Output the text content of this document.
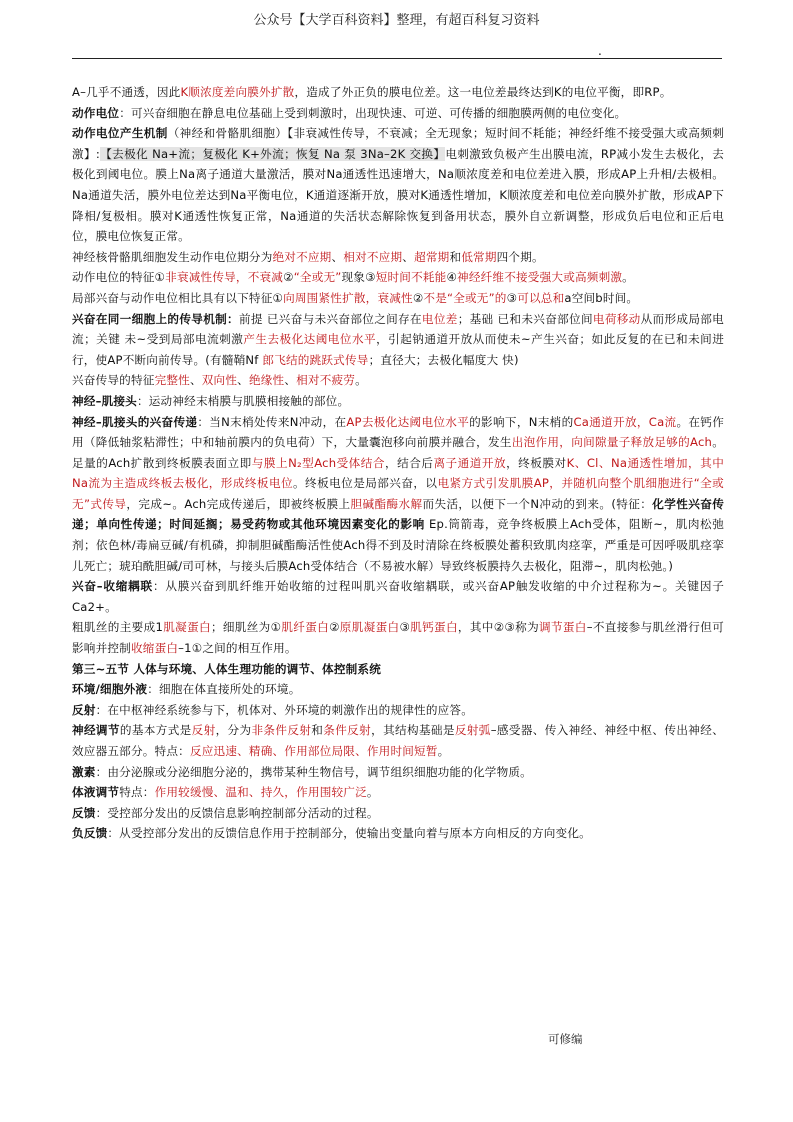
公众号【大学百科资料】整理，有超百科复习资料
.

A–几乎不通透，因此K顺浓度差向膜外扩散，造成了外正负的膜电位差。这一电位差最终达到K的电位平衡，即RP。

动作电位：可兴奋细胞在静息电位基础上受到刺激时，出现快速、可逆、可传播的细胞膜两侧的电位变化。

动作电位产生机制（神经和骨骼肌细胞）【非衰减性传导，不衰减；全无现象；短时间不耗能；神经纤维不接受强大或高频刺激】:【去极化 Na+流；复极化 K+外流；恢复 Na 泵 3Na–2K 交换】电刺激致负极产生出膜电流，RP减小发生去极化，去极化到阈电位。膜上Na离子通道大量激活，膜对Na通透性迅速增大，Na顺浓度差和电位差进入膜，形成AP上升相/去极相。Na通道失活，膜外电位差达到Na平衡电位，K通道逐渐开放，膜对K通透性增加，K顺浓度差和电位差向膜外扩散，形成AP下降相/复极相。膜对K通透性恢复正常，Na通道的失活状态解除恢复到备用状态，膜外自立新调整，形成负后电位和正后电位，膜电位恢复正常。

神经核骨骼肌细胞发生动作电位期分为绝对不应期、相对不应期、超常期和低常期四个期。

动作电位的特征①非衰减性传导，不衰减②“全或无”现象③短时间不耗能④神经纤维不接受强大或高频刺激。

局部兴奋与动作电位相比具有以下特征①向周围紧性扩散，衰减性②不是“全或无”的③可以总和a空间b时间。

兴奋在同一细胞上的传导机制：前提 已兴奋与未兴奋部位之间存在电位差；基础 已和未兴奋部位间电荷移动从而形成局部电流；关键 未~受到局部电流刺激产生去极化达阈电位水平，引起钠通道开放从而使未~产生兴奋；如此反复的在已和未间进行，使AP不断向前传导。(有髓鞘Nf 郎飞结的跳跃式传导；直径大；去极化幅度大 快)

兴奋传导的特征完整性、双向性、绝缘性、相对不疲劳。

神经–肌接头：运动神经末梢膜与肌膜相接触的部位。

神经–肌接头的兴奋传递：当N末梢处传来N冲动，在AP去极化达阈电位水平的影响下，N末梢的Ca通道开放，Ca流。在钙作用（降低轴浆粘滞性；中和轴前膜内的负电荷）下，大量囊泡移向前膜并融合，发生出泡作用，向间隙量子释放足够的Ach。足量的Ach扩散到终板膜表面立即与膜上N₂型Ach受体结合，结合后离子通道开放，终板膜对K、Cl、Na通透性增加，其中Na流为主造成终板去极化，形成终板电位。终板电位是局部兴奋，以电紧方式引发肌膜AP，并随机向整个肌细胞进行“全或无”式传导，完成~。Ach完成传递后，即被终板膜上胆碱酯酶水解而失活，以便下一个N冲动的到来。(特征：化学性兴奋传递；单向性传递；时间延搁；易受药物或其他环境因素变化的影响 Ep.筒箭毒，竞争终板膜上Ach受体，阻断~，肌肉松弛剂；依色林/毒扁豆碱/有机磷，抑制胆碱酯酶活性使Ach得不到及时清除在终板膜处蓄积致肌肉痉挛，严重是可因呼吸肌痉挛儿死亡；琥珀酰胆碱/司可林，与接头后膜Ach受体结合（不易被水解）导致终板膜持久去极化，阻滞~，肌肉松弛。)

兴奋–收缩耦联：从膜兴奋到肌纤维开始收缩的过程叫肌兴奋收缩耦联，或兴奋AP触发收缩的中介过程称为~。关键因子Ca2+。

粗肌丝的主要成1肌凝蛋白；细肌丝为①肌纤蛋白②原肌凝蛋白③肌钙蛋白，其中②③称为调节蛋白–不直接参与肌丝滑行但可影响并控制收缩蛋白–1①之间的相互作用。

第三~五节 人体与环境、人体生理功能的调节、体控制系统

环境/细胞外液：细胞在体直接所处的环境。

反射：在中枢神经系统参与下，机体对、外环境的刺激作出的规律性的应答。

神经调节的基本方式是反射，分为非条件反射和条件反射，其结构基础是反射弧–感受器、传入神经、神经中枢、传出神经、效应器五部分。特点：反应迅速、精确、作用部位局限、作用时间短暂。

激素：由分泌腺或分泌细胞分泌的，携带某种生物信号，调节组织细胞功能的化学物质。

体液调节特点：作用较缓慢、温和、持久，作用围较广泛。

反馈：受控部分发出的反馈信息影响控制部分活动的过程。

负反馈：从受控部分发出的反馈信息作用于控制部分，使输出变量向着与原本方向相反的方向变化。

可修编
